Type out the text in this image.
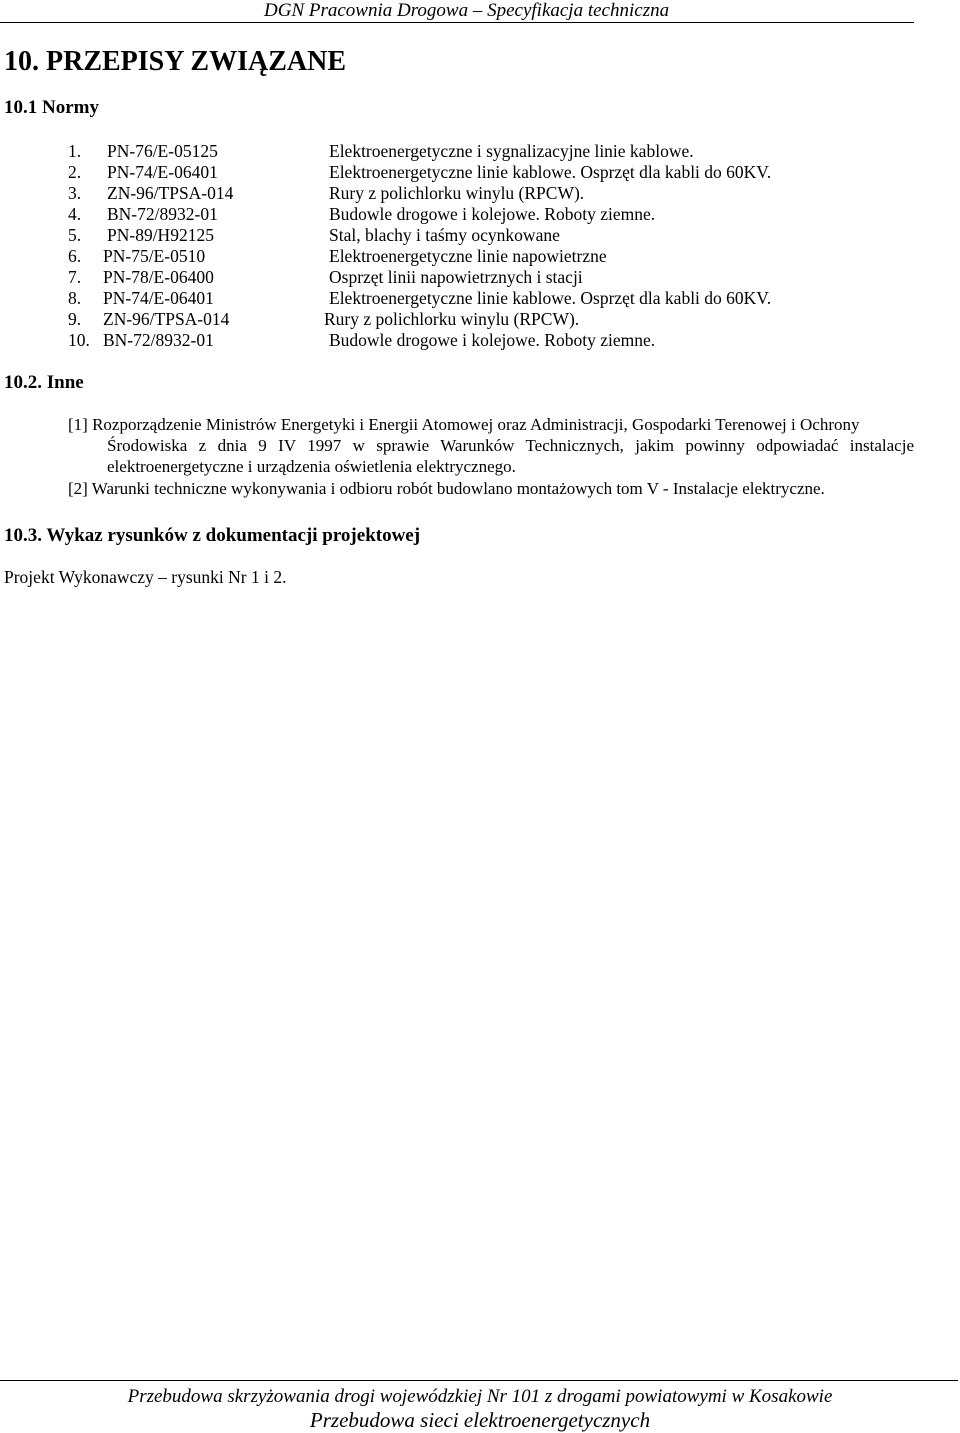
DGN Pracownia Drogowa – Specyfikacja techniczna
10. PRZEPISY ZWIĄZANE
10.1 Normy
1. PN-76/E-05125	Elektroenergetyczne i sygnalizacyjne linie kablowe.
2. PN-74/E-06401	Elektroenergetyczne linie kablowe. Osprzęt dla kabli do 60KV.
3. ZN-96/TPSA-014	Rury z polichlorku winylu (RPCW).
4. BN-72/8932-01	Budowle drogowe i kolejowe. Roboty ziemne.
5. PN-89/H92125	Stal, blachy i taśmy ocynkowane
6. PN-75/E-0510	Elektroenergetyczne linie napowietrzne
7. PN-78/E-06400	Osprzęt linii napowietrznych i stacji
8. PN-74/E-06401	Elektroenergetyczne linie kablowe. Osprzęt dla kabli do 60KV.
9. ZN-96/TPSA-014	Rury z polichlorku winylu (RPCW).
10. BN-72/8932-01	Budowle drogowe i kolejowe. Roboty ziemne.
10.2. Inne
[1] Rozporządzenie Ministrów Energetyki i Energii Atomowej oraz Administracji, Gospodarki Terenowej i Ochrony
Środowiska z dnia 9 IV 1997 w sprawie Warunków Technicznych, jakim powinny odpowiadać instalacje elektroenergetyczne i urządzenia oświetlenia elektrycznego.
[2] Warunki techniczne wykonywania i odbioru robót budowlano montażowych tom V - Instalacje elektryczne.
10.3. Wykaz rysunków z dokumentacji projektowej
Projekt Wykonawczy – rysunki Nr 1 i 2.
Przebudowa skrzyżowania drogi wojewódzkiej Nr 101 z drogami powiatowymi w Kosakowie
Przebudowa sieci elektroenergetycznych
